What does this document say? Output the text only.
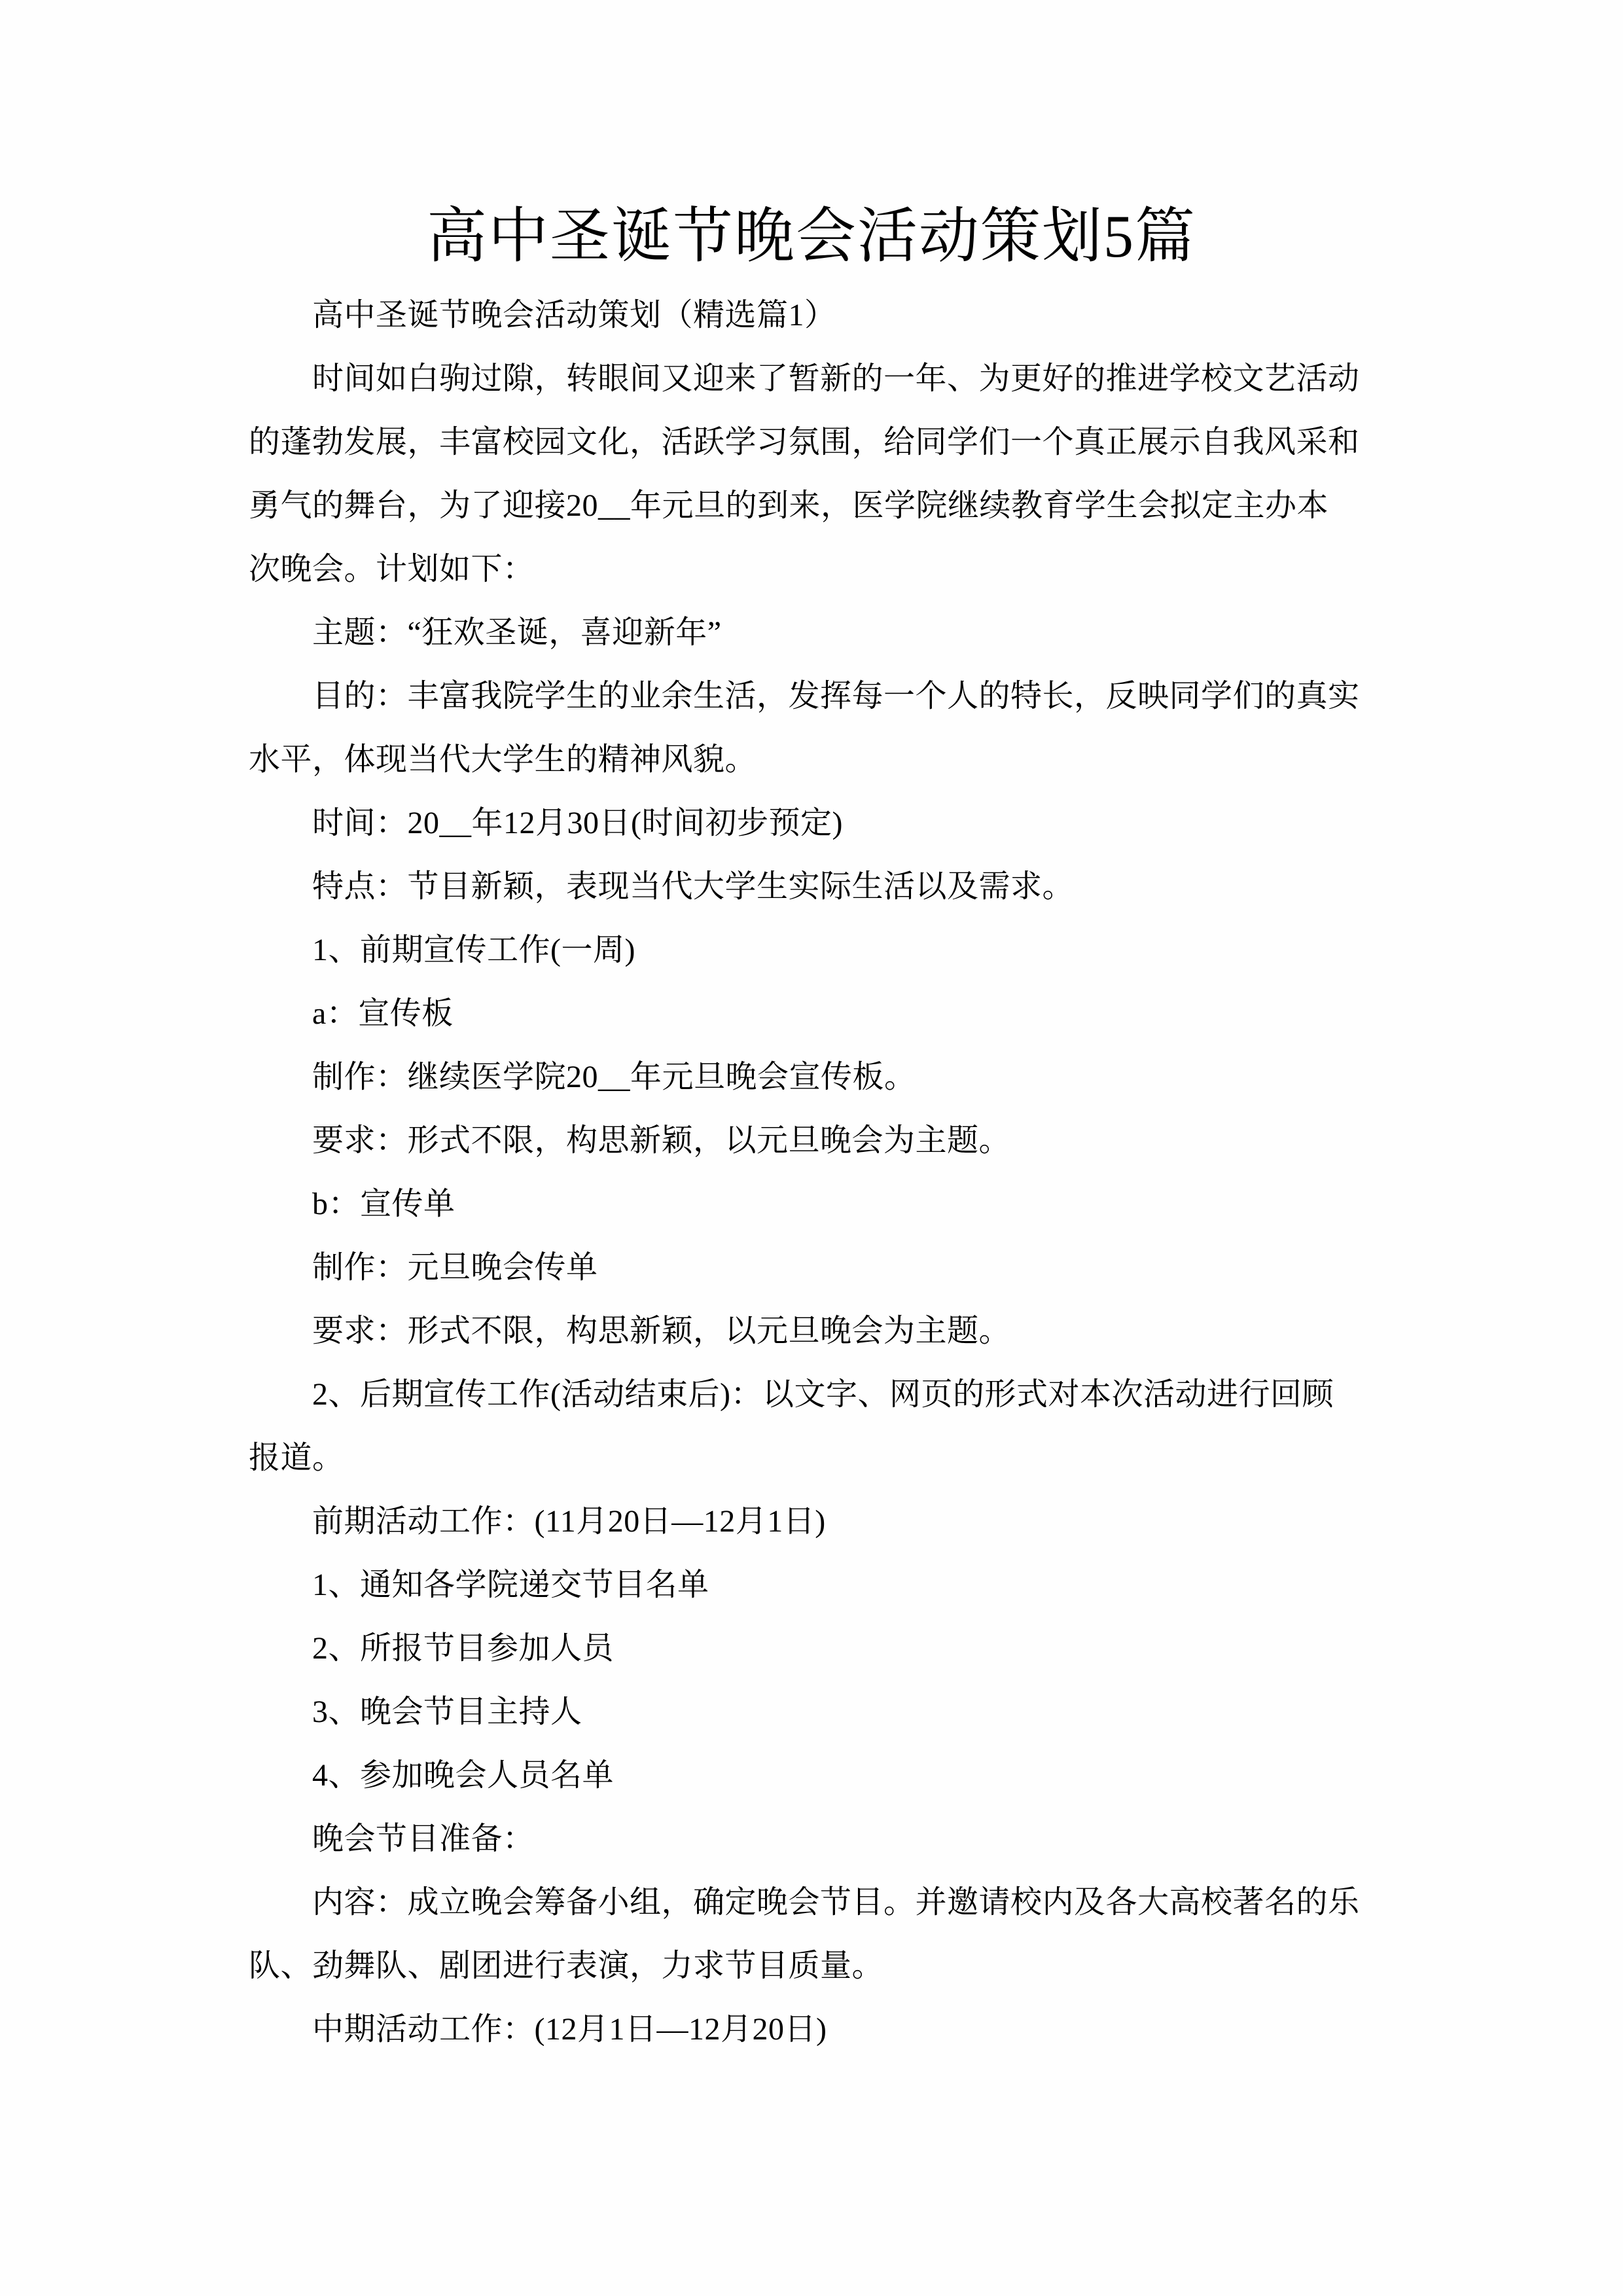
高中圣诞节晚会活动策划5篇
高中圣诞节晚会活动策划（精选篇1）
时间如白驹过隙，转眼间又迎来了暂新的一年、为更好的推进学校文艺活动
的蓬勃发展，丰富校园文化，活跃学习氛围，给同学们一个真正展示自我风采和
勇气的舞台，为了迎接20__年元旦的到来，医学院继续教育学生会拟定主办本
次晚会。计划如下：
主题：“狂欢圣诞，喜迎新年”
目的：丰富我院学生的业余生活，发挥每一个人的特长，反映同学们的真实
水平，体现当代大学生的精神风貌。
时间：20__年12月30日(时间初步预定)
特点：节目新颖，表现当代大学生实际生活以及需求。
1、前期宣传工作(一周)
a：宣传板
制作：继续医学院20__年元旦晚会宣传板。
要求：形式不限，构思新颖，以元旦晚会为主题。
b：宣传单
制作：元旦晚会传单
要求：形式不限，构思新颖，以元旦晚会为主题。
2、后期宣传工作(活动结束后)：以文字、网页的形式对本次活动进行回顾
报道。
前期活动工作：(11月20日—12月1日)
1、通知各学院递交节目名单
2、所报节目参加人员
3、晚会节目主持人
4、参加晚会人员名单
晚会节目准备：
内容：成立晚会筹备小组，确定晚会节目。并邀请校内及各大高校著名的乐
队、劲舞队、剧团进行表演，力求节目质量。
中期活动工作：(12月1日—12月20日)
